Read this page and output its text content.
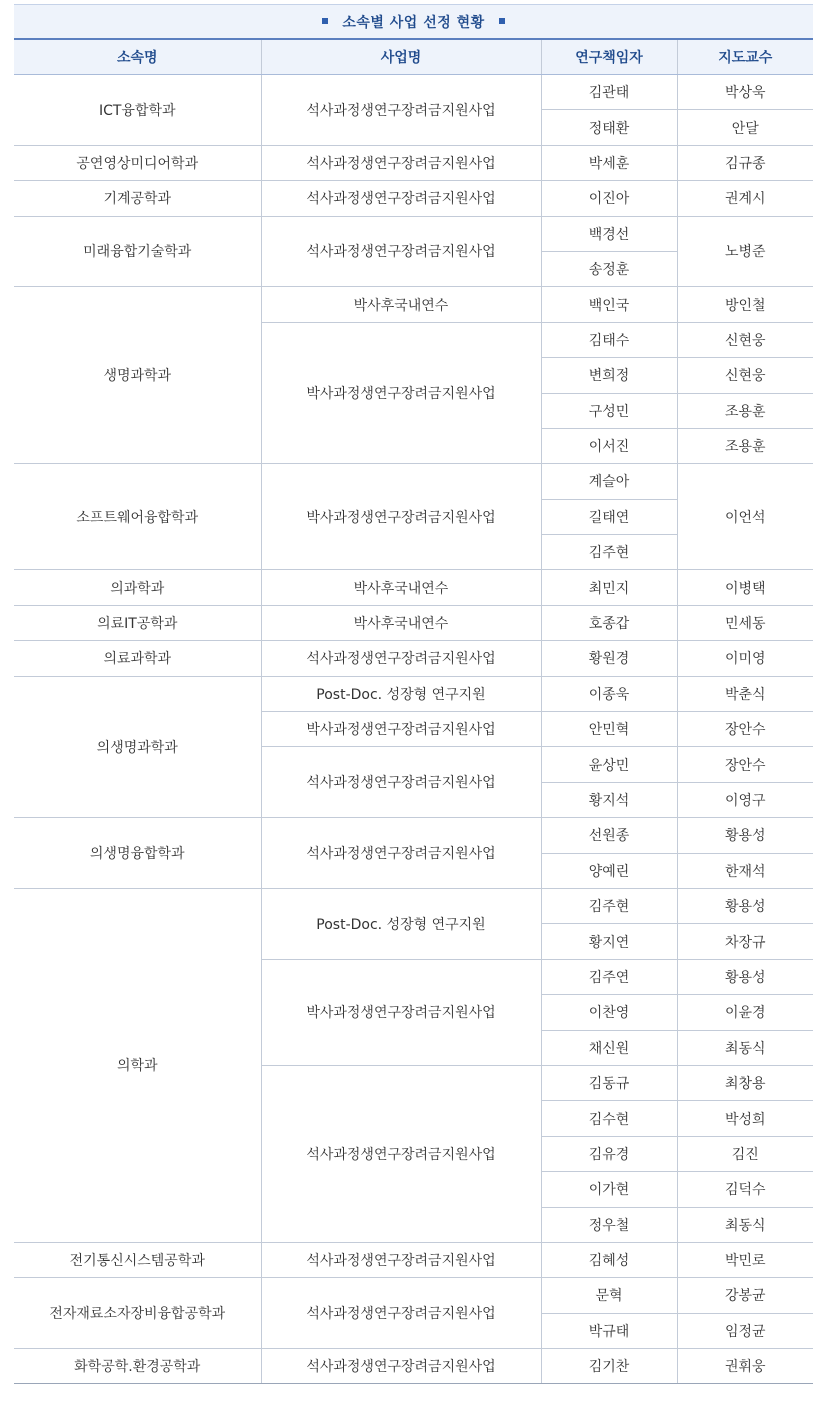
소속별 사업 선정 현황
소속명	사업명	연구책임자	지도교수
ICT융합학과	석사과정생연구장려금지원사업	김관태	박상욱
		정태환	안달
공연영상미디어학과	석사과정생연구장려금지원사업	박세훈	김규종
기계공학과	석사과정생연구장려금지원사업	이진아	권계시
미래융합기술학과	석사과정생연구장려금지원사업	백경선	노병준
		송정훈	
생명과학과	박사후국내연수	백인국	방인철
	박사과정생연구장려금지원사업	김태수	신현웅
		변희정	신현웅
		구성민	조용훈
		이서진	조용훈
소프트웨어융합학과	박사과정생연구장려금지원사업	계슬아	이언석
		길태연	
		김주현	
의과학과	박사후국내연수	최민지	이병택
의료IT공학과	박사후국내연수	호종갑	민세동
의료과학과	석사과정생연구장려금지원사업	황원경	이미영
의생명과학과	Post-Doc. 성장형 연구지원	이종욱	박춘식
	박사과정생연구장려금지원사업	안민혁	장안수
	석사과정생연구장려금지원사업	윤상민	장안수
		황지석	이영구
의생명융합학과	석사과정생연구장려금지원사업	선원종	황용성
		양예린	한재석
의학과	Post-Doc. 성장형 연구지원	김주현	황용성
		황지연	차장규
	박사과정생연구장려금지원사업	김주연	황용성
		이찬영	이윤경
		채신원	최동식
	석사과정생연구장려금지원사업	김동규	최창용
		김수현	박성희
		김유경	김진
		이가현	김덕수
		정우철	최동식
전기통신시스템공학과	석사과정생연구장려금지원사업	김혜성	박민로
전자재료소자장비융합공학과	석사과정생연구장려금지원사업	문혁	강봉균
		박규태	임정균
화학공학.환경공학과	석사과정생연구장려금지원사업	김기찬	권휘웅
